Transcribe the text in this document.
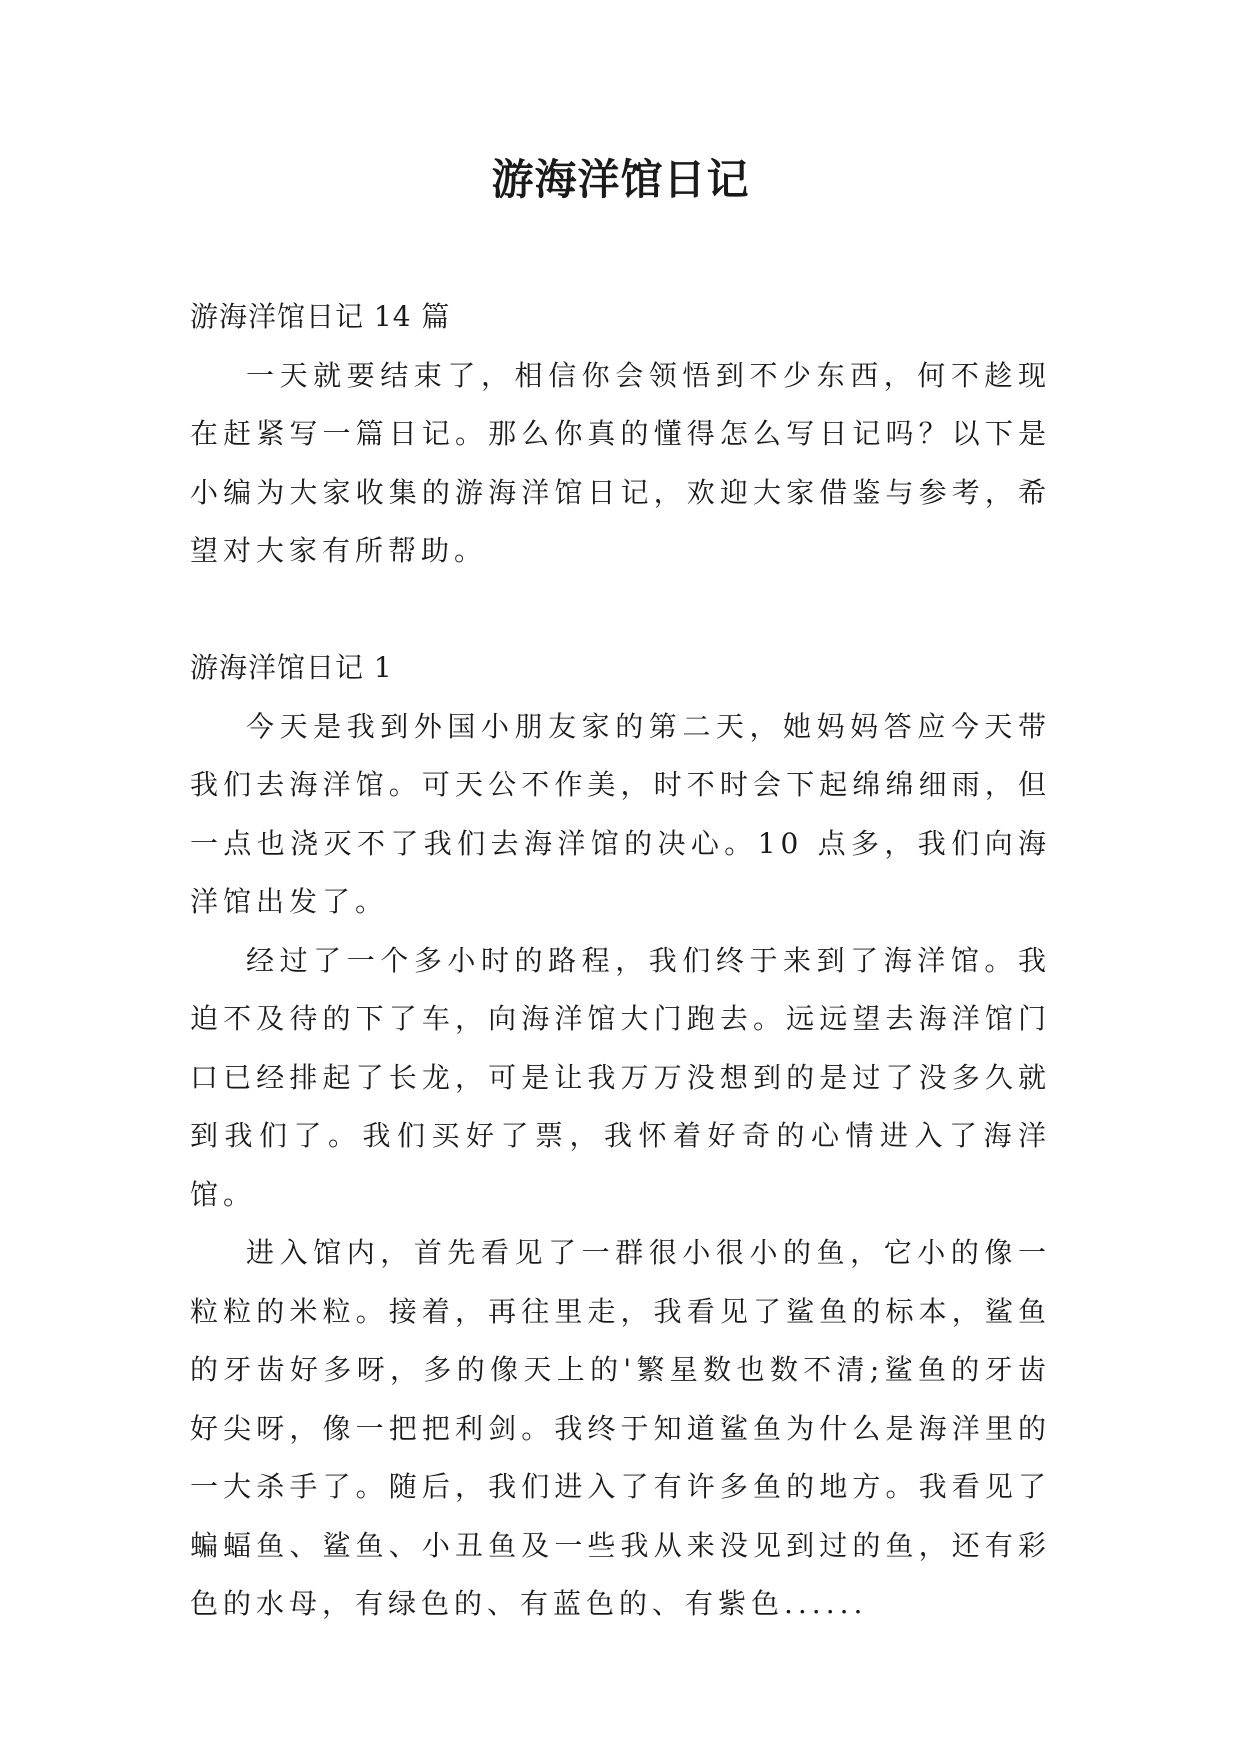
游海洋馆日记

游海洋馆日记 14 篇

一天就要结束了，相信你会领悟到不少东西，何不趁现在赶紧写一篇日记。那么你真的懂得怎么写日记吗？以下是小编为大家收集的游海洋馆日记，欢迎大家借鉴与参考，希望对大家有所帮助。

游海洋馆日记 1

今天是我到外国小朋友家的第二天，她妈妈答应今天带我们去海洋馆。可天公不作美，时不时会下起绵绵细雨，但一点也浇灭不了我们去海洋馆的决心。10 点多，我们向海洋馆出发了。

经过了一个多小时的路程，我们终于来到了海洋馆。我迫不及待的下了车，向海洋馆大门跑去。远远望去海洋馆门口已经排起了长龙，可是让我万万没想到的是过了没多久就到我们了。我们买好了票，我怀着好奇的心情进入了海洋馆。

进入馆内，首先看见了一群很小很小的鱼，它小的像一粒粒的米粒。接着，再往里走，我看见了鲨鱼的标本，鲨鱼的牙齿好多呀，多的像天上的'繁星数也数不清;鲨鱼的牙齿好尖呀，像一把把利剑。我终于知道鲨鱼为什么是海洋里的一大杀手了。随后，我们进入了有许多鱼的地方。我看见了蝙蝠鱼、鲨鱼、小丑鱼及一些我从来没见到过的鱼，还有彩色的水母，有绿色的、有蓝色的、有紫色......
